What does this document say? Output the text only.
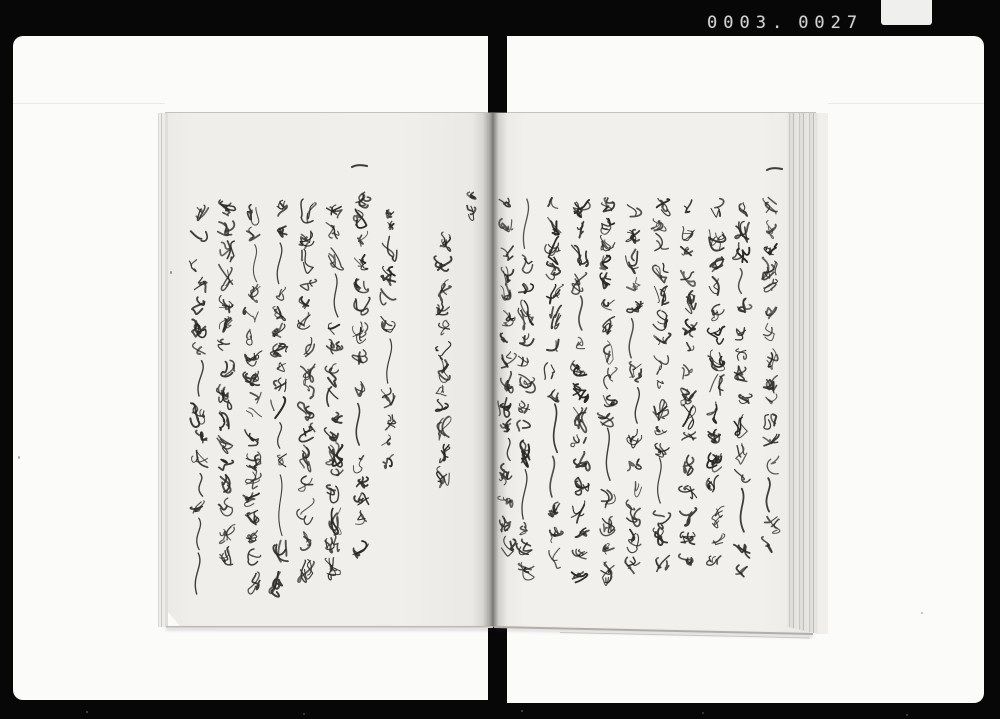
0003. 0027
